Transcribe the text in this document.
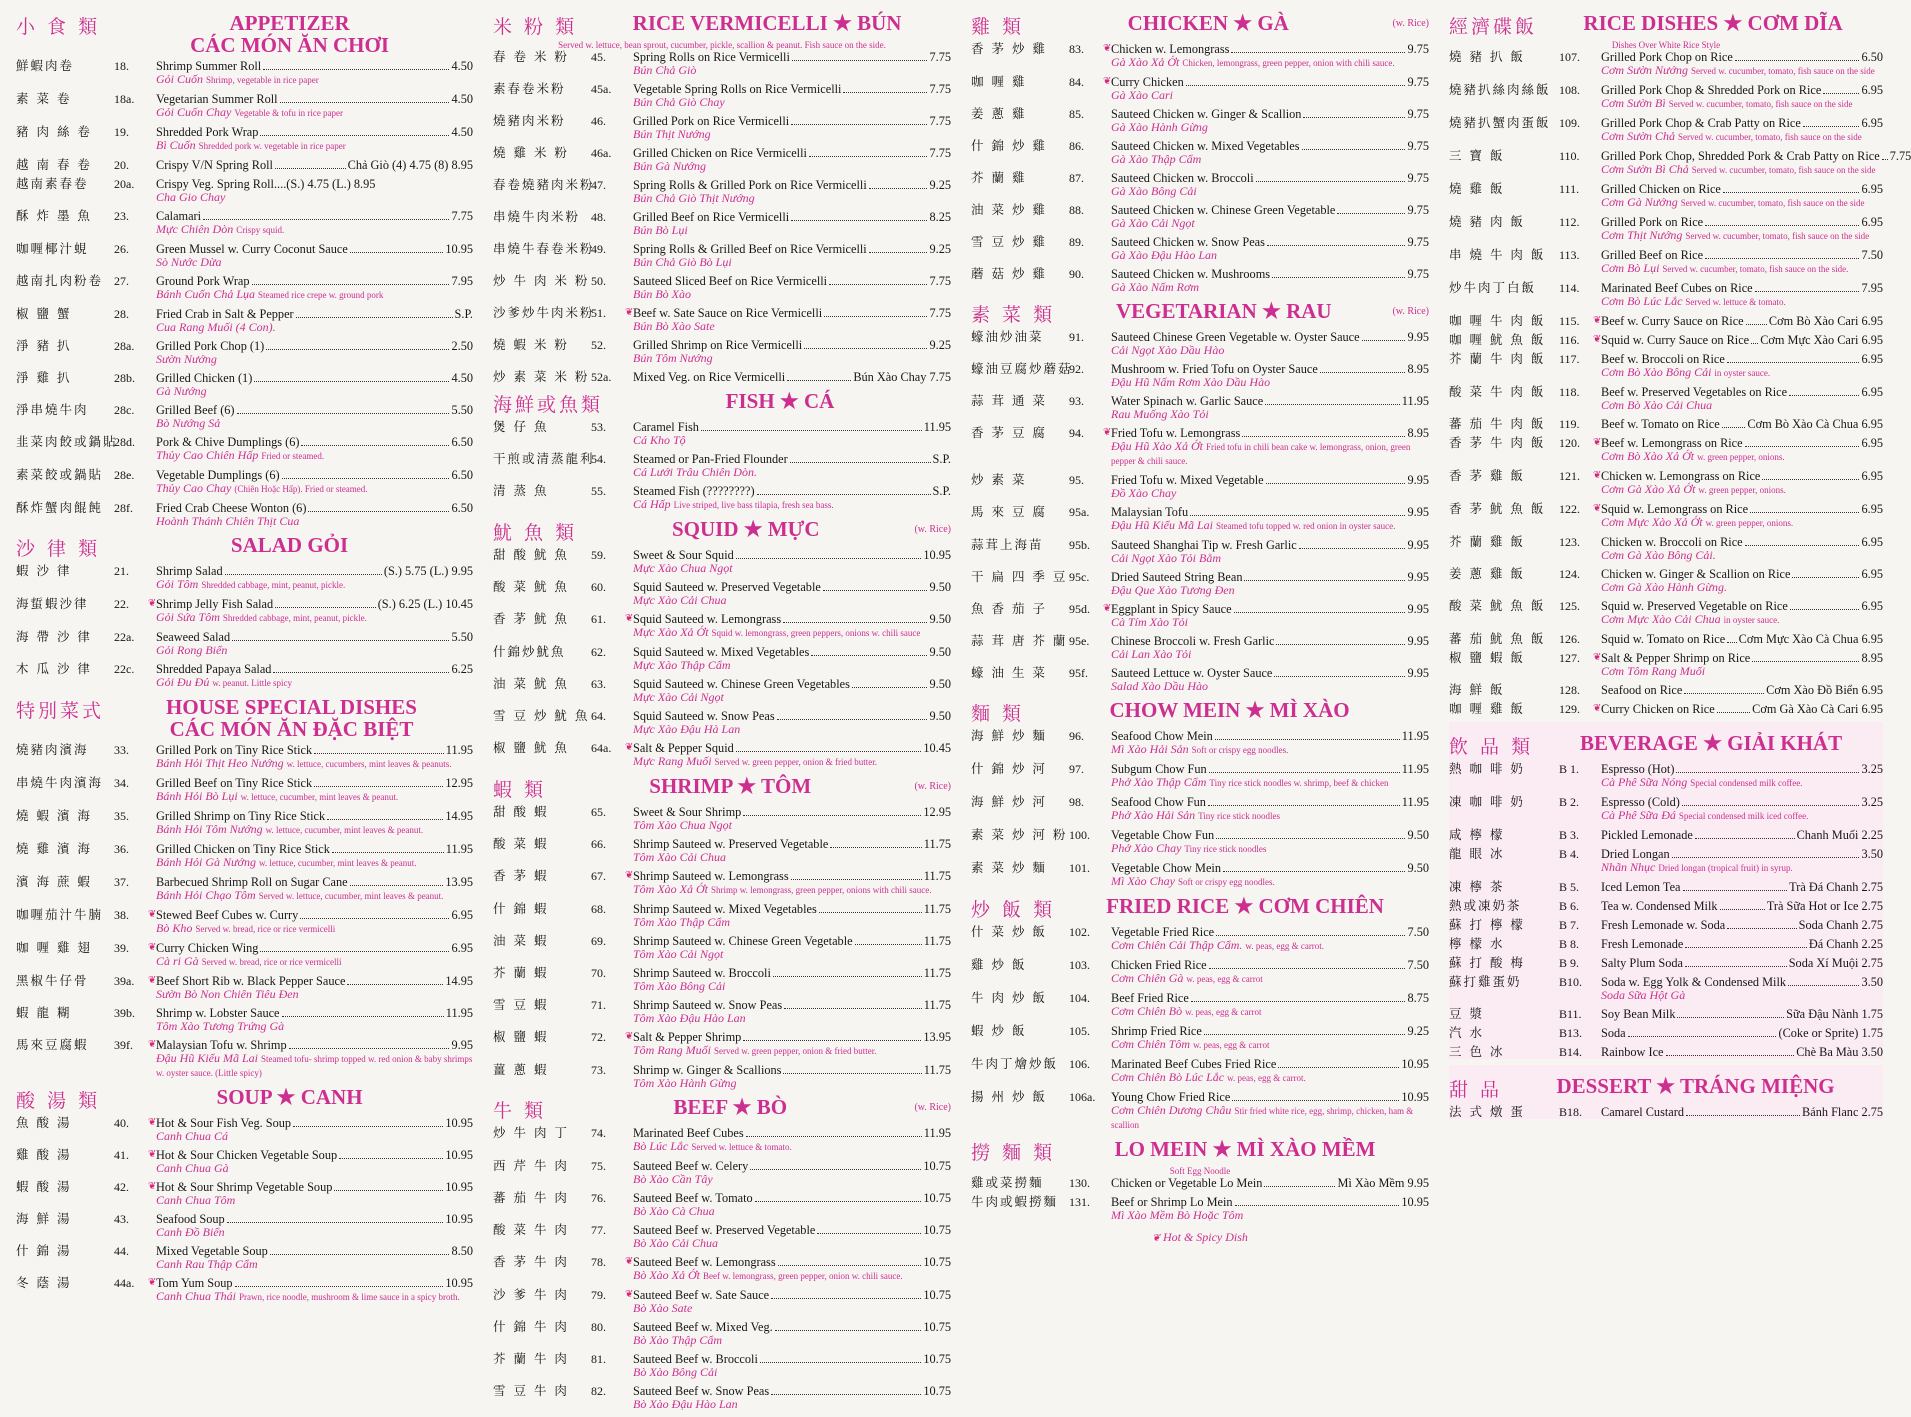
小 食 類	APPETIZER
CÁC MÓN ĂN CHƠI
鮮蝦肉卷	18.	Shrimp Summer Roll	4.50
Gỏi Cuốn Shrimp, vegetable in rice paper
素 菜 卷	18a.	Vegetarian Summer Roll	4.50
Gỏi Cuốn Chay Vegetable & tofu in rice paper
豬 肉 絲 卷	19.	Shredded Pork Wrap	4.50
Bì Cuốn Shredded pork w. vegetable in rice paper
越 南 春 卷	20.	Crispy V/N Spring Roll	Chả Giò (4) 4.75 (8) 8.95
越南素春卷	20a.	Crispy Veg. Spring Roll....(S.) 4.75 (L.) 8.95
Cha Gio Chay
酥 炸 墨 魚	23.	Calamari	7.75
Mực Chiên Dòn Crispy squid.
咖喱椰汁蜆	26.	Green Mussel w. Curry Coconut Sauce	10.95
Sò Nước Dừa
越南扎肉粉卷 27.	Ground Pork Wrap	7.95
Bánh Cuốn Chả Lụa Steamed rice crepe w. ground pork
椒 鹽 蟹	28.	Fried Crab in Salt & Pepper	S.P.
Cua Rang Muối (4 Con).
淨 豬 扒	28a.	Grilled Pork Chop (1)	2.50
Sườn Nướng
淨 雞 扒	28b.	Grilled Chicken (1)	4.50
Gà Nướng
淨串燒牛肉	28c.	Grilled Beef (6)	5.50
Bò Nướng Sả
韭菜肉餃或鍋貼
28d.	Pork & Chive Dumplings (6)	6.50
Thủy Cao Chiên Hấp Fried or steamed.
素菜餃或鍋貼 28e.	Vegetable Dumplings (6)	6.50
Thủy Cao Chay (Chiên Hoặc Hấp). Fried or steamed.
酥炸蟹肉餛飩 28f.	Fried Crab Cheese Wonton (6)	6.50
Hoành Thánh Chiên Thịt Cua
沙 律 類	SALAD GỎI
蝦 沙 律	21.	Shrimp Salad	(S.) 5.75 (L.) 9.95
Gỏi Tôm Shredded cabbage, mint, peanut, pickle.
海蜇蝦沙律	22.	❦ Shrimp Jelly Fish Salad	(S.) 6.25 (L.) 10.45
Gỏi Sứa Tôm Shredded cabbage, mint, peanut, pickle.
海 帶 沙 律	22a.	Seaweed Salad	5.50
Gỏi Rong Biển
木 瓜 沙 律	22c.	Shredded Papaya Salad	6.25
Gỏi Đu Đủ w. peanut. Little spicy
特別菜式	HOUSE SPECIAL DISHES
CÁC MÓN ĂN ĐẶC BIỆT
燒豬肉濱海	33.	Grilled Pork on Tiny Rice Stick	11.95
Bánh Hỏi Thịt Heo Nướng w. lettuce, cucumbers, mint leaves & peanuts.
串燒牛肉濱海 34.	Grilled Beef on Tiny Rice Stick	12.95
Bánh Hỏi Bò Lụi w. lettuce, cucumber, mint leaves & peanut.
燒 蝦 濱 海	35.	Grilled Shrimp on Tiny Rice Stick	14.95
Bánh Hỏi Tôm Nướng w. lettuce, cucumber, mint leaves & peanut.
燒 雞 濱 海	36.	Grilled Chicken on Tiny Rice Stick	11.95
Bánh Hỏi Gà Nướng w. lettuce, cucumber, mint leaves & peanut.
濱 海 蔗 蝦	37.	Barbecued Shrimp Roll on Sugar Cane	13.95
Bánh Hỏi Chạo Tôm Served w. lettuce, cucumber, mint leaves & peanut.
咖喱茄汁牛腩 38.	❦ Stewed Beef Cubes w. Curry	6.95
Bò Kho Served w. bread, rice or rice vermicelli
咖 喱 雞 翅	39.	❦ Curry Chicken Wing	6.95
Cà ri Gà Served w. bread, rice or rice vermicelli
黑椒牛仔骨	39a.	❦ Beef Short Rib w. Black Pepper Sauce	14.95
Sườn Bò Non Chiên Tiêu Đen
蝦 龍 糊	39b.	Shrimp w. Lobster Sauce	11.95
Tôm Xào Tương Trứng Gà
馬來豆腐蝦	39f.	❦ Malaysian Tofu w. Shrimp	9.95
Đậu Hũ Kiểu Mã Lai Steamed tofu- shrimp topped w. red onion & baby shrimps w. oyster sauce. (Little spicy)
酸 湯 類	SOUP ★ CANH
魚 酸 湯	40.	❦ Hot & Sour Fish Veg. Soup	10.95
Canh Chua Cá
雞 酸 湯	41.	❦ Hot & Sour Chicken Vegetable Soup	10.95
Canh Chua Gà
蝦 酸 湯	42.	❦ Hot & Sour Shrimp Vegetable Soup	10.95
Canh Chua Tôm
海 鮮 湯	43.	Seafood Soup	10.95
Canh Đồ Biển
什 錦 湯	44.	Mixed Vegetable Soup	8.50
Canh Rau Thập Cẩm
冬 蔭 湯	44a.	❦ Tom Yum Soup	10.95
Canh Chua Thái Prawn, rice noodle, mushroom & lime sauce in a spicy broth.
米 粉 類	RICE VERMICELLI ★ BÚN
Served w. lettuce, bean sprout, cucumber, pickle, scallion & peanut. Fish sauce on the side.
春 卷 米 粉	45.	Spring Rolls on Rice Vermicelli	7.75
Bún Chả Giò
素春卷米粉	45a.	Vegetable Spring Rolls on Rice Vermicelli	7.75
Bún Chả Giò Chay
燒豬肉米粉	46.	Grilled Pork on Rice Vermicelli	7.75
Bún Thịt Nướng
燒 雞 米 粉	46a.	Grilled Chicken on Rice Vermicelli	7.75
Bún Gà Nướng
春卷燒豬肉米粉
47.	Spring Rolls & Grilled Pork on Rice Vermicelli	9.25
Bún Chả Giò Thịt Nướng
串燒牛肉米粉 48.	Grilled Beef on Rice Vermicelli	8.25
Bún Bò Lụi
串燒牛春卷米粉
49.	Spring Rolls & Grilled Beef on Rice Vermicelli	9.25
Bún Chả Giò Bò Lụi
炒 牛 肉 米 粉 50.	Sauteed Sliced Beef on Rice Vermicelli	7.75
Bún Bò Xào
沙爹炒牛肉米粉
51.	❦ Beef w. Sate Sauce on Rice Vermicelli	7.75
Bún Bò Xào Sate
燒 蝦 米 粉	52.	Grilled Shrimp on Rice Vermicelli	9.25
Bún Tôm Nướng
炒 素 菜 米 粉 52a.	Mixed Veg. on Rice Vermicelli	Bún Xào Chay 7.75
海鮮或魚類	FISH ★ CÁ
煲 仔 魚	53.	Caramel Fish	11.95
Cá Kho Tộ
干煎或清蒸龍利
54.	Steamed or Pan-Fried Flounder	S.P.
Cá Lưới Trâu Chiên Dòn.
清 蒸 魚	55.	Steamed Fish (????????)	S.P.
Cá Hấp Live striped, live bass tilapia, fresh sea bass.
魷 魚 類	SQUID ★ MỰC	(w. Rice)
甜 酸 魷 魚	59.	Sweet & Sour Squid	10.95
Mực Xào Chua Ngọt
酸 菜 魷 魚	60.	Squid Sauteed w. Preserved Vegetable	9.50
Mực Xào Cải Chua
香 茅 魷 魚	61.	❦ Squid Sauteed w. Lemongrass	9.50
Mực Xào Xả Ớt Squid w. lemongrass, green peppers, onions w. chili sauce
什錦炒魷魚	62.	Squid Sauteed w. Mixed Vegetables	9.50
Mực Xào Thập Cẩm
油 菜 魷 魚	63.	Squid Sauteed w. Chinese Green Vegetables	9.50
Mực Xào Cải Ngọt
雪 豆 炒 魷 魚 64.	Squid Sauteed w. Snow Peas	9.50
Mực Xào Đậu Hà Lan
椒 鹽 魷 魚	64a.	❦ Salt & Pepper Squid	10.45
Mực Rang Muối Served w. green pepper, onion & fried butter.
蝦 類	SHRIMP ★ TÔM	(w. Rice)
甜 酸 蝦	65.	Sweet & Sour Shrimp	12.95
Tôm Xào Chua Ngọt
酸 菜 蝦	66.	Shrimp Sauteed w. Preserved Vegetable	11.75
Tôm Xào Cải Chua
香 茅 蝦	67.	❦ Shrimp Sauteed w. Lemongrass	11.75
Tôm Xào Xả Ớt Shrimp w. lemongrass, green pepper, onions with chili sauce.
什 錦 蝦	68.	Shrimp Sauteed w. Mixed Vegetables	11.75
Tôm Xào Thập Cẩm
油 菜 蝦	69.	Shrimp Sauteed w. Chinese Green Vegetable	11.75
Tôm Xào Cải Ngọt
芥 蘭 蝦	70.	Shrimp Sauteed w. Broccoli	11.75
Tôm Xào Bông Cải
雪 豆 蝦	71.	Shrimp Sauteed w. Snow Peas	11.75
Tôm Xào Đậu Hào Lan
椒 鹽 蝦	72.	❦ Salt & Pepper Shrimp	13.95
Tôm Rang Muối Served w. green pepper, onion & fried butter.
薑 蔥 蝦	73.	Shrimp w. Ginger & Scallions	11.75
Tôm Xào Hành Gừng
牛 類	BEEF ★ BÒ	(w. Rice)
炒 牛 肉 丁	74.	Marinated Beef Cubes	11.95
Bò Lúc Lắc Served w. lettuce & tomato.
西 芹 牛 肉	75.	Sauteed Beef w. Celery	10.75
Bò Xào Cần Tây
蕃 茄 牛 肉	76.	Sauteed Beef w. Tomato	10.75
Bò Xào Cà Chua
酸 菜 牛 肉	77.	Sauteed Beef w. Preserved Vegetable	10.75
Bò Xào Cải Chua
香 茅 牛 肉	78.	❦ Sauteed Beef w. Lemongrass	10.75
Bò Xào Xả Ớt Beef w. lemongrass, green pepper, onion w. chili sauce.
沙 爹 牛 肉	79.	❦ Sauteed Beef w. Sate Sauce	10.75
Bò Xào Sate
什 錦 牛 肉	80.	Sauteed Beef w. Mixed Veg.	10.75
Bò Xào Thập Cẩm
芥 蘭 牛 肉	81.	Sauteed Beef w. Broccoli	10.75
Bò Xào Bông Cải
雪 豆 牛 肉	82.	Sauteed Beef w. Snow Peas	10.75
Bò Xào Đậu Hào Lan
雞 類	CHICKEN ★ GÀ	(w. Rice)
香 茅 炒 雞	83.	❦ Chicken w. Lemongrass	9.75
Gà Xào Xả Ớt Chicken, lemongrass, green pepper, onion with chili sauce.
咖 喱 雞	84.	❦ Curry Chicken	9.75
Gà Xào Cari
姜 蔥 雞	85.	Sauteed Chicken w. Ginger & Scallion	9.75
Gà Xào Hành Gừng
什 錦 炒 雞	86.	Sauteed Chicken w. Mixed Vegetables	9.75
Gà Xào Thập Cẩm
芥 蘭 雞	87.	Sauteed Chicken w. Broccoli	9.75
Gà Xào Bông Cải
油 菜 炒 雞	88.	Sauteed Chicken w. Chinese Green Vegetable	9.75
Gà Xào Cải Ngọt
雪 豆 炒 雞	89.	Sauteed Chicken w. Snow Peas	9.75
Gà Xào Đậu Hào Lan
蘑 菇 炒 雞	90.	Sauteed Chicken w. Mushrooms	9.75
Gà Xào Nấm Rơm
素 菜 類	VEGETARIAN ★ RAU	(w. Rice)
蠔油炒油菜	91.	Sauteed Chinese Green Vegetable w. Oyster Sauce	9.95
Cải Ngọt Xào Dầu Hào
蠔油豆腐炒蘑菇
92.	Mushroom w. Fried Tofu on Oyster Sauce	8.95
Đậu Hũ Nấm Rơm Xào Dầu Hào
蒜 茸 通 菜	93.	Water Spinach w. Garlic Sauce	11.95
Rau Muống Xào Tỏi
香 茅 豆 腐	94.	❦ Fried Tofu w. Lemongrass	8.95
Đậu Hũ Xào Xả Ớt Fried tofu in chili bean cake w. lemongrass, onion, green pepper & chili sauce.
炒 素 菜	95.	Fried Tofu w. Mixed Vegetable	9.95
Đồ Xào Chay
馬 來 豆 腐	95a.	Malaysian Tofu	9.95
Đậu Hũ Kiểu Mã Lai Steamed tofu topped w. red onion in oyster sauce.
蒜茸上海苗	95b.	Sauteed Shanghai Tip w. Fresh Garlic	9.95
Cải Ngọt Xào Tỏi Bằm
干 扁 四 季 豆 95c.	Dried Sauteed String Bean	9.95
Đậu Que Xào Tương Đen
魚 香 茄 子	95d.	❦ Eggplant in Spicy Sauce	9.95
Cà Tím Xào Tỏi
蒜 茸 唐 芥 蘭 95e.	Chinese Broccoli w. Fresh Garlic	9.95
Cải Lan Xào Tỏi
蠔 油 生 菜	95f.	Sauteed Lettuce w. Oyster Sauce	9.95
Salad Xào Dầu Hào
麵 類	CHOW MEIN ★ MÌ XÀO
海 鮮 炒 麵	96.	Seafood Chow Mein	11.95
Mì Xào Hải Sản Soft or crispy egg noodles.
什 錦 炒 河	97.	Subgum Chow Fun	11.95
Phở Xào Thập Cẩm Tiny rice stick noodles w. shrimp, beef & chicken
海 鮮 炒 河	98.	Seafood Chow Fun	11.95
Phở Xào Hải Sản Tiny rice stick noodles
素 菜 炒 河 粉 100.	Vegetable Chow Fun	9.50
Phở Xào Chay Tiny rice stick noodles
素 菜 炒 麵	101.	Vegetable Chow Mein	9.50
Mì Xào Chay Soft or crispy egg noodles.
炒 飯 類	FRIED RICE ★ CƠM CHIÊN
什 菜 炒 飯	102.	Vegetable Fried Rice	7.50
Cơm Chiên Cải Thập Cẩm. w. peas, egg & carrot.
雞 炒 飯	103.	Chicken Fried Rice	7.50
Cơm Chiên Gà w. peas, egg & carrot
牛 肉 炒 飯	104.	Beef Fried Rice	8.75
Cơm Chiên Bò w. peas, egg & carrot
蝦 炒 飯	105.	Shrimp Fried Rice	9.25
Cơm Chiên Tôm w. peas, egg & carrot
牛肉丁燴炒飯 106.	Marinated Beef Cubes Fried Rice	10.95
Cơm Chiên Bò Lúc Lắc w. peas, egg & carrot.
揚 州 炒 飯	106a.	Young Chow Fried Rice	10.95
Cơm Chiên Dương Châu Stir fried white rice, egg, shrimp, chicken, ham & scallion
撈 麵 類	LO MEIN ★ MÌ XÀO MỀM
Soft Egg Noodle
雞或菜撈麵	130.	Chicken or Vegetable Lo Mein	Mì Xào Mềm 9.95
牛肉或蝦撈麵 131.	Beef or Shrimp Lo Mein	10.95
Mì Xào Mềm Bò Hoặc Tôm
❦ Hot & Spicy Dish
經濟碟飯	RICE DISHES ★ CƠM DĨA
Dishes Over White Rice Style
燒 豬 扒 飯	107.	Grilled Pork Chop on Rice	6.50
Cơm Sườn Nướng Served w. cucumber, tomato, fish sauce on the side
燒豬扒絲肉絲飯 108.	Grilled Pork Chop & Shredded Pork on Rice	6.95
Cơm Sườn Bì Served w. cucumber, tomato, fish sauce on the side
燒豬扒蟹肉蛋飯 109.	Grilled Pork Chop & Crab Patty on Rice	6.95
Cơm Sườn Chả Served w. cucumber, tomato, fish sauce on the side
三 寶 飯	110.	Grilled Pork Chop, Shredded Pork & Crab Patty on Rice 7.75
Cơm Sườn Bì Chả Served w. cucumber, tomato, fish sauce on the side
燒 雞 飯	111.	Grilled Chicken on Rice	6.95
Cơm Gà Nướng Served w. cucumber, tomato, fish sauce on the side
燒 豬 肉 飯	112.	Grilled Pork on Rice	6.95
Cơm Thịt Nướng Served w. cucumber, tomato, fish sauce on the side
串 燒 牛 肉 飯	113.	Grilled Beef on Rice	7.50
Cơm Bò Lụi Served w. cucumber, tomato, fish sauce on the side.
炒牛肉丁白飯	114.	Marinated Beef Cubes on Rice	7.95
Cơm Bò Lúc Lắc Served w. lettuce & tomato.
咖 喱 牛 肉 飯	115.	❦ Beef w. Curry Sauce on Rice Cơm Bò Xào Cari 6.95
咖 喱 魷 魚 飯	116.	❦ Squid w. Curry Sauce on Rice Cơm Mực Xào Cari 6.95
芥 蘭 牛 肉 飯	117.	Beef w. Broccoli on Rice	6.95
Cơm Bò Xào Bông Cải in oyster sauce.
酸 菜 牛 肉 飯	118.	Beef w. Preserved Vegetables on Rice	6.95
Cơm Bò Xào Cải Chua
蕃 茄 牛 肉 飯	119.	Beef w. Tomato on Rice Cơm Bò Xào Cà Chua 6.95
香 茅 牛 肉 飯	120.	❦ Beef w. Lemongrass on Rice	6.95
Cơm Bò Xào Xả Ớt w. green pepper, onions.
香 茅 雞 飯	121.	❦ Chicken w. Lemongrass on Rice	6.95
Cơm Gà Xào Xả Ớt w. green pepper, onions.
香 茅 魷 魚 飯	122.	❦ Squid w. Lemongrass on Rice	6.95
Cơm Mực Xào Xả Ớt w. green pepper, onions.
芥 蘭 雞 飯	123.	Chicken w. Broccoli on Rice	6.95
Cơm Gà Xào Bông Cải.
姜 蔥 雞 飯	124.	Chicken w. Ginger & Scallion on Rice	6.95
Cơm Gà Xào Hành Gừng.
酸 菜 魷 魚 飯	125.	Squid w. Preserved Vegetable on Rice	6.95
Cơm Mực Xào Cải Chua in oyster sauce.
蕃 茄 魷 魚 飯	126.	Squid w. Tomato on Rice Cơm Mực Xào Cà Chua 6.95
椒 鹽 蝦 飯	127.	❦ Salt & Pepper Shrimp on Rice	8.95
Cơm Tôm Rang Muối
海 鮮 飯	128.	Seafood on Rice	Cơm Xào Đồ Biển 6.95
咖 喱 雞 飯	129.	❦ Curry Chicken on Rice	Cơm Gà Xào Cà Cari 6.95
飲 品 類	BEVERAGE ★ GIẢI KHÁT
熱 咖 啡 奶	B 1.	Espresso (Hot)	3.25
Cà Phê Sữa Nóng Special condensed milk coffee.
凍 咖 啡 奶	B 2.	Espresso (Cold)	3.25
Cà Phê Sữa Đá Special condensed milk iced coffee.
咸 檸 檬	B 3.	Pickled Lemonade	Chanh Muối 2.25
龍 眼 冰	B 4.	Dried Longan	3.50
Nhãn Nhục Dried longan (tropical fruit) in syrup.
凍 檸 茶	B 5.	Iced Lemon Tea	Trà Đá Chanh 2.75
熱或凍奶茶	B 6.	Tea w. Condensed Milk	Trà Sữa Hot or Ice 2.75
蘇 打 檸 檬	B 7.	Fresh Lemonade w. Soda	Soda Chanh 2.75
檸 檬 水	B 8.	Fresh Lemonade	Đá Chanh 2.25
蘇 打 酸 梅	B 9.	Salty Plum Soda	Soda Xí Muội 2.75
蘇打雞蛋奶	B10.	Soda w. Egg Yolk & Condensed Milk	3.50
Soda Sữa Hột Gà
豆 漿	B11.	Soy Bean Milk	Sữa Đậu Nành 1.75
汽 水	B13.	Soda	(Coke or Sprite) 1.75
三 色 冰	B14.	Rainbow Ice	Chè Ba Màu 3.50
甜 品	DESSERT ★ TRÁNG MIỆNG
法 式 燉 蛋	B18.	Camarel Custard	Bánh Flanc 2.75
